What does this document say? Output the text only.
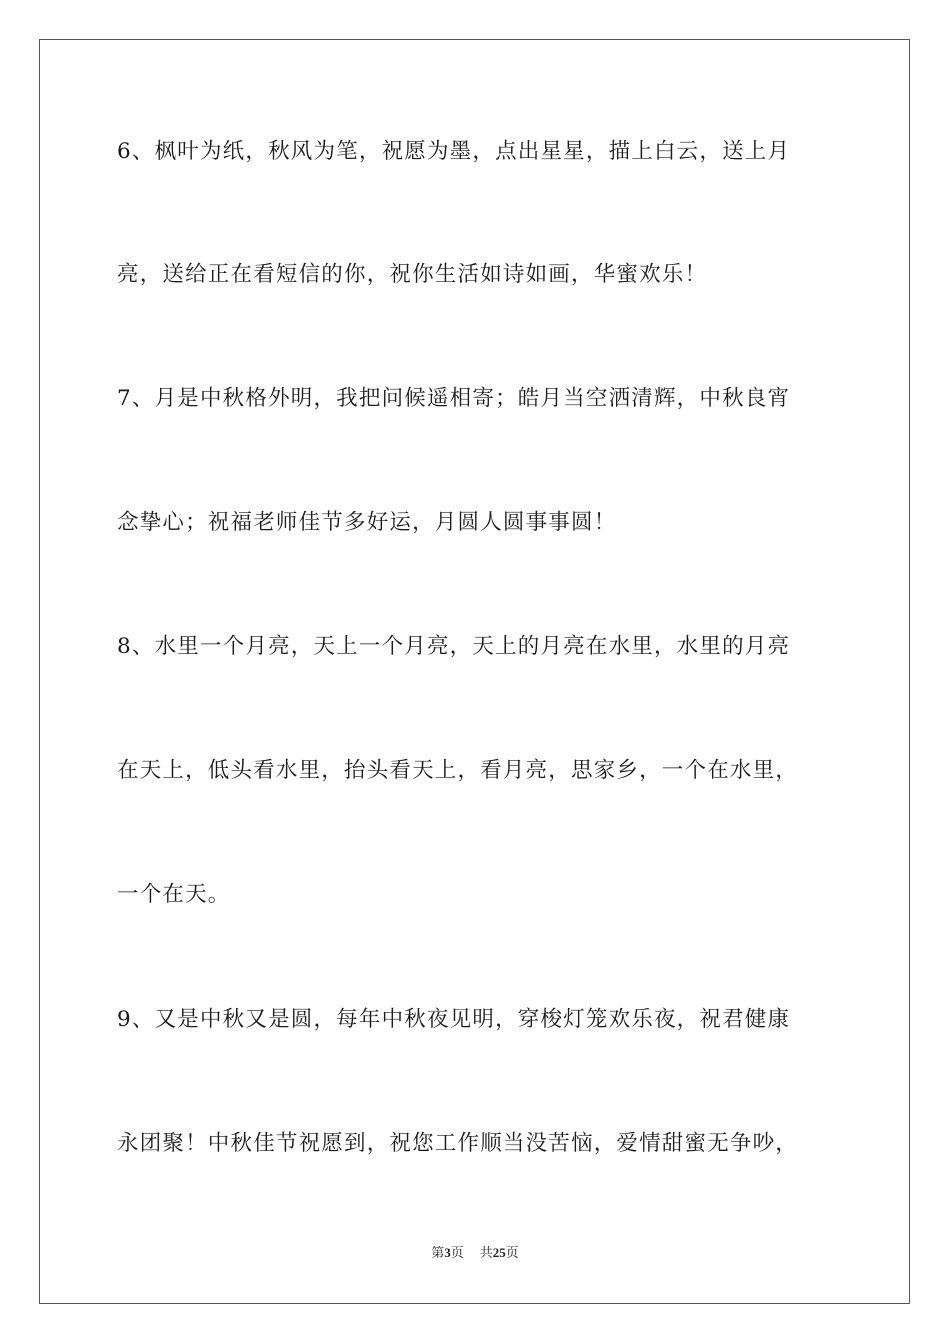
6、枫叶为纸，秋风为笔，祝愿为墨，点出星星，描上白云，送上月
亮，送给正在看短信的你，祝你生活如诗如画，华蜜欢乐！
7、月是中秋格外明，我把问候遥相寄；皓月当空洒清辉，中秋良宵
念挚心；祝福老师佳节多好运，月圆人圆事事圆！
8、水里一个月亮，天上一个月亮，天上的月亮在水里，水里的月亮
在天上，低头看水里，抬头看天上，看月亮，思家乡，一个在水里，
一个在天。
9、又是中秋又是圆，每年中秋夜见明，穿梭灯笼欢乐夜，祝君健康
永团聚！中秋佳节祝愿到，祝您工作顺当没苦恼，爱情甜蜜无争吵，
第3页 共25页
